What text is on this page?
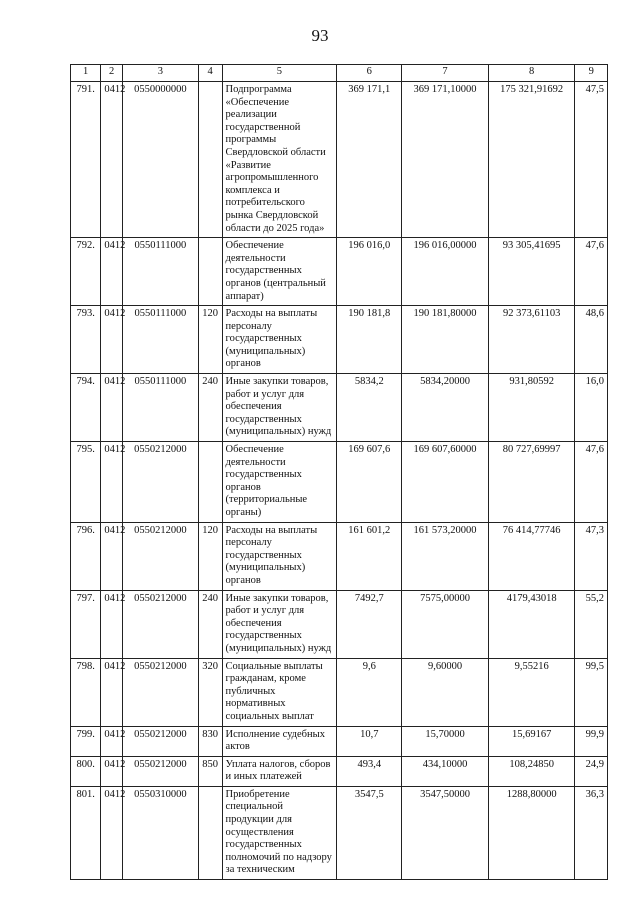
93
1	2	3	4	5	6	7	8	9
791.	0412	0550000000		Подпрограмма «Обеспечение реализации государственной программы Свердловской области «Развитие агропромышленного комплекса и потребительского рынка Свердловской области до 2025 года»	369 171,1	369 171,10000	175 321,91692	47,5
792.	0412	0550111000		Обеспечение деятельности государственных органов (центральный аппарат)	196 016,0	196 016,00000	93 305,41695	47,6
793.	0412	0550111000	120	Расходы на выплаты персоналу государственных (муниципальных) органов	190 181,8	190 181,80000	92 373,61103	48,6
794.	0412	0550111000	240	Иные закупки товаров, работ и услуг для обеспечения государственных (муниципальных) нужд	5834,2	5834,20000	931,80592	16,0
795.	0412	0550212000		Обеспечение деятельности государственных органов (территориальные органы)	169 607,6	169 607,60000	80 727,69997	47,6
796.	0412	0550212000	120	Расходы на выплаты персоналу государственных (муниципальных) органов	161 601,2	161 573,20000	76 414,77746	47,3
797.	0412	0550212000	240	Иные закупки товаров, работ и услуг для обеспечения государственных (муниципальных) нужд	7492,7	7575,00000	4179,43018	55,2
798.	0412	0550212000	320	Социальные выплаты гражданам, кроме публичных нормативных социальных выплат	9,6	9,60000	9,55216	99,5
799.	0412	0550212000	830	Исполнение судебных актов	10,7	15,70000	15,69167	99,9
800.	0412	0550212000	850	Уплата налогов, сборов и иных платежей	493,4	434,10000	108,24850	24,9
801.	0412	0550310000		Приобретение специальной продукции для осуществления государственных полномочий по надзору за техническим	3547,5	3547,50000	1288,80000	36,3
